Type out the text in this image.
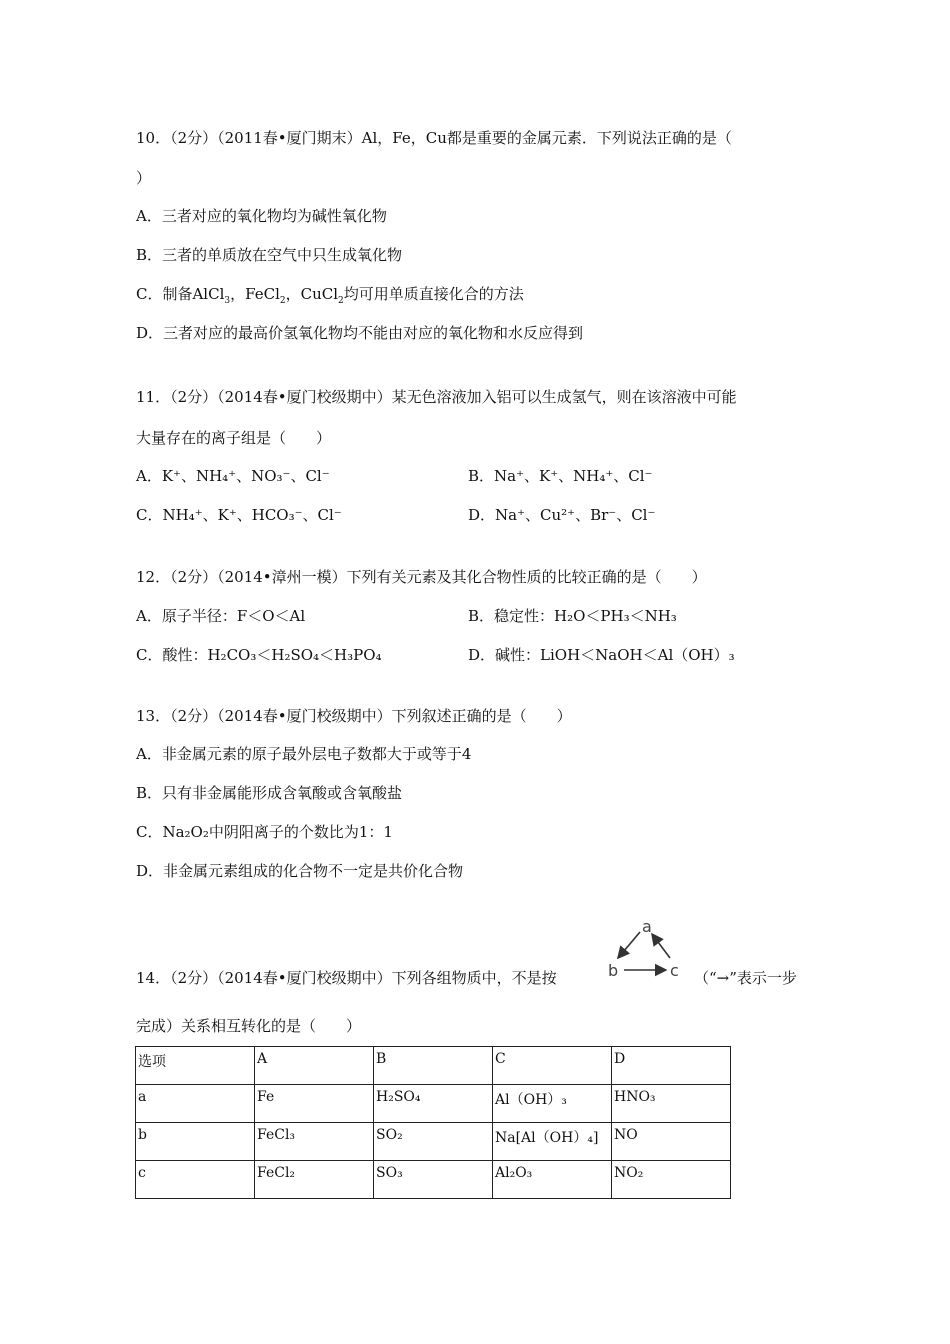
10．（2分）（2011春•厦门期末）Al，Fe，Cu都是重要的金属元素．下列说法正确的是（
）
A．三者对应的氧化物均为碱性氧化物
B．三者的单质放在空气中只生成氧化物
C．制备AlCl$_3$，FeCl$_2$，CuCl$_2$均可用单质直接化合的方法
D．三者对应的最高价氢氧化物均不能由对应的氧化物和水反应得到
11．（2分）（2014春•厦门校级期中）某无色溶液加入铝可以生成氢气，则在该溶液中可能
大量存在的离子组是（　　）
A．K⁺、NH₄⁺、NO₃⁻、Cl⁻	B．Na⁺、K⁺、NH₄⁺、Cl⁻
C．NH₄⁺、K⁺、HCO₃⁻、Cl⁻	D．Na⁺、Cu²⁺、Br⁻、Cl⁻
12．（2分）（2014•漳州一模）下列有关元素及其化合物性质的比较正确的是（　　）
A．原子半径：F＜O＜Al	B．稳定性：H₂O＜PH₃＜NH₃
C．酸性：H₂CO₃＜H₂SO₄＜H₃PO₄	D．碱性：LiOH＜NaOH＜Al（OH）₃
13．（2分）（2014春•厦门校级期中）下列叙述正确的是（　　）
A．非金属元素的原子最外层电子数都大于或等于4
B．只有非金属能形成含氧酸或含氧酸盐
C．Na₂O₂中阴阳离子的个数比为1：1
D．非金属元素组成的化合物不一定是共价化合物
14．（2分）（2014春•厦门校级期中）下列各组物质中，不是按
a
b	c （“→”表示一步
完成）关系相互转化的是（　　）
选项	A	B	C	D
a	Fe	H₂SO₄	Al（OH）₃	HNO₃
b	FeCl₃	SO₂	Na[Al（OH）₄]	NO
c	FeCl₂	SO₃	Al₂O₃	NO₂
